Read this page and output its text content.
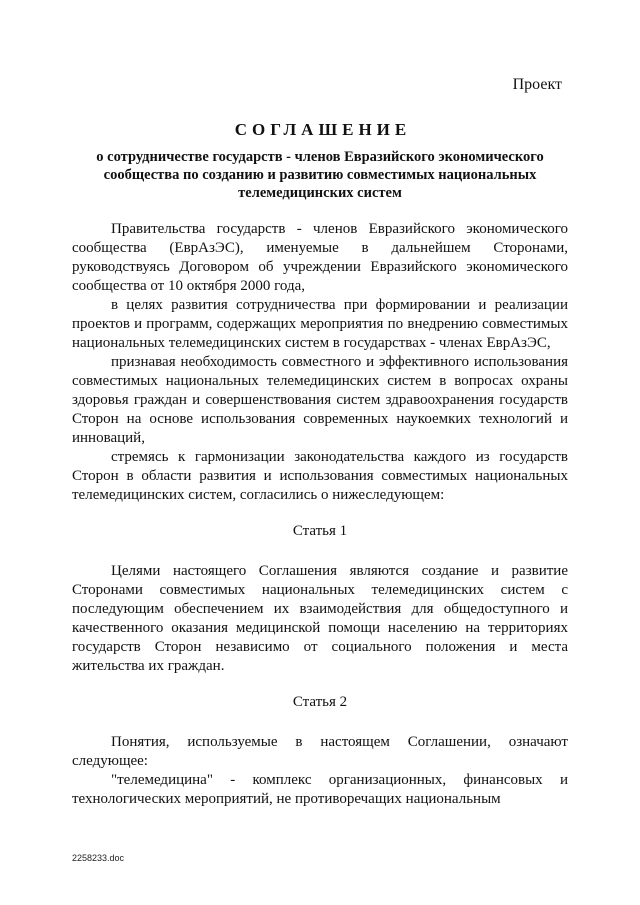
Проект
СОГЛАШЕНИЕ
о сотрудничестве государств - членов Евразийского экономического сообщества по созданию и развитию совместимых национальных телемедицинских систем

Правительства государств - членов Евразийского экономического сообщества (ЕврАзЭС), именуемые в дальнейшем Сторонами, руководствуясь Договором об учреждении Евразийского экономического сообщества от 10 октября 2000 года,

в целях развития сотрудничества при формировании и реализации проектов и программ, содержащих мероприятия по внедрению совместимых национальных телемедицинских систем в государствах - членах ЕврАзЭС,

признавая необходимость совместного и эффективного использования совместимых национальных телемедицинских систем в вопросах охраны здоровья граждан и совершенствования систем здравоохранения государств Сторон на основе использования современных наукоемких технологий и инноваций,

стремясь к гармонизации законодательства каждого из государств Сторон в области развития и использования совместимых национальных телемедицинских систем, согласились о нижеследующем:

Статья 1

Целями настоящего Соглашения являются создание и развитие Сторонами совместимых национальных телемедицинских систем с последующим обеспечением их взаимодействия для общедоступного и качественного оказания медицинской помощи населению на территориях государств Сторон независимо от социального положения и места жительства их граждан.

Статья 2

Понятия, используемые в настоящем Соглашении, означают следующее:

"телемедицина" - комплекс организационных, финансовых и технологических мероприятий, не противоречащих национальным

2258233.doc
